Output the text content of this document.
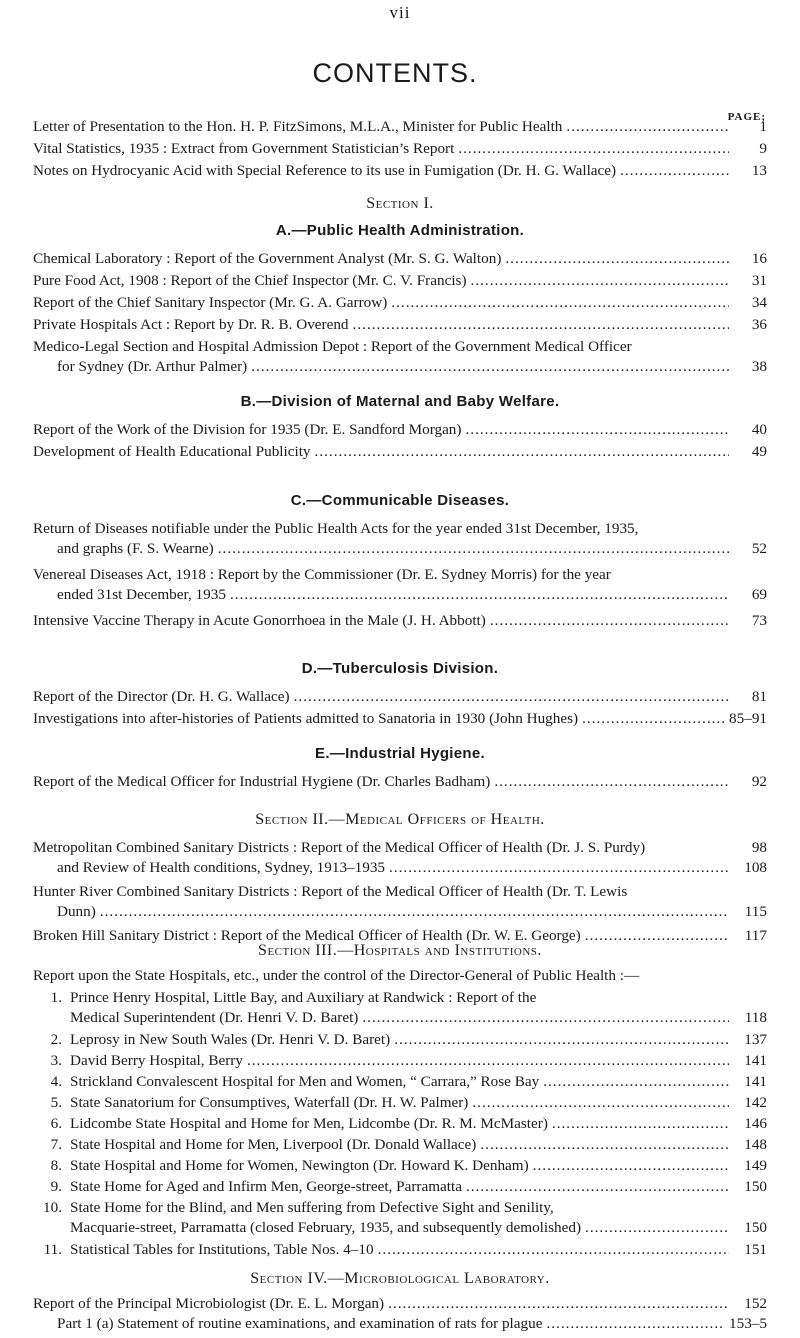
vii
CONTENTS.
PAGE;
Letter of Presentation to the Hon. H. P. FitzSimons, M.L.A., Minister for Public Health .....	1
Vital Statistics, 1935 : Extract from Government Statistician’s Report .....	9
Notes on Hydrocyanic Acid with Special Reference to its use in Fumigation (Dr. H. G. Wallace) .....	13
Section I.
A.—Public Health Administration.
Chemical Laboratory : Report of the Government Analyst (Mr. S. G. Walton) .....	16
Pure Food Act, 1908 : Report of the Chief Inspector (Mr. C. V. Francis) .....	31
Report of the Chief Sanitary Inspector (Mr. G. A. Garrow) .....	34
Private Hospitals Act : Report by Dr. R. B. Overend .....	36
Medico-Legal Section and Hospital Admission Depot : Report of the Government Medical Officer
for Sydney (Dr. Arthur Palmer) .....	38
B.—Division of Maternal and Baby Welfare.
Report of the Work of the Division for 1935 (Dr. E. Sandford Morgan) .....	40
Development of Health Educational Publicity .....	49
C.—Communicable Diseases.
Return of Diseases notifiable under the Public Health Acts for the year ended 31st December, 1935,
and graphs (F. S. Wearne) .....	52
Venereal Diseases Act, 1918 : Report by the Commissioner (Dr. E. Sydney Morris) for the year
ended 31st December, 1935 .....	69
Intensive Vaccine Therapy in Acute Gonorrhoea in the Male (J. H. Abbott) .....	73
D.—Tuberculosis Division.
Report of the Director (Dr. H. G. Wallace) .....	81
Investigations into after-histories of Patients admitted to Sanatoria in 1930 (John Hughes) .....	85–91
E.—Industrial Hygiene.
Report of the Medical Officer for Industrial Hygiene (Dr. Charles Badham) .....	92
Section II.—Medical Officers of Health.
Metropolitan Combined Sanitary Districts : Report of the Medical Officer of Health (Dr. J. S. Purdy)	98
and Review of Health conditions, Sydney, 1913–1935 .....	108
Hunter River Combined Sanitary Districts : Report of the Medical Officer of Health (Dr. T. Lewis
Dunn) .....	115
Broken Hill Sanitary District : Report of the Medical Officer of Health (Dr. W. E. George) .....	117
Section III.—Hospitals and Institutions.
Report upon the State Hospitals, etc., under the control of the Director-General of Public Health :—
1. Prince Henry Hospital, Little Bay, and Auxiliary at Randwick : Report of the
Medical Superintendent (Dr. Henri V. D. Baret) .....	118
2. Leprosy in New South Wales (Dr. Henri V. D. Baret) .....	137
3. David Berry Hospital, Berry .....	141
4. Strickland Convalescent Hospital for Men and Women, “ Carrara,” Rose Bay .....	141
5. State Sanatorium for Consumptives, Waterfall (Dr. H. W. Palmer) .....	142
6. Lidcombe State Hospital and Home for Men, Lidcombe (Dr. R. M. McMaster) .....	146
7. State Hospital and Home for Men, Liverpool (Dr. Donald Wallace) .....	148
8. State Hospital and Home for Women, Newington (Dr. Howard K. Denham) .....	149
9. State Home for Aged and Infirm Men, George-street, Parramatta .....	150
10. State Home for the Blind, and Men suffering from Defective Sight and Senility,
Macquarie-street, Parramatta (closed February, 1935, and subsequently demolished) .....	150
11. Statistical Tables for Institutions, Table Nos. 4–10 .....	151
Section IV.—Microbiological Laboratory.
Report of the Principal Microbiologist (Dr. E. L. Morgan) .....	152
Part 1 (a) Statement of routine examinations, and examination of rats for plague .....	153–5
